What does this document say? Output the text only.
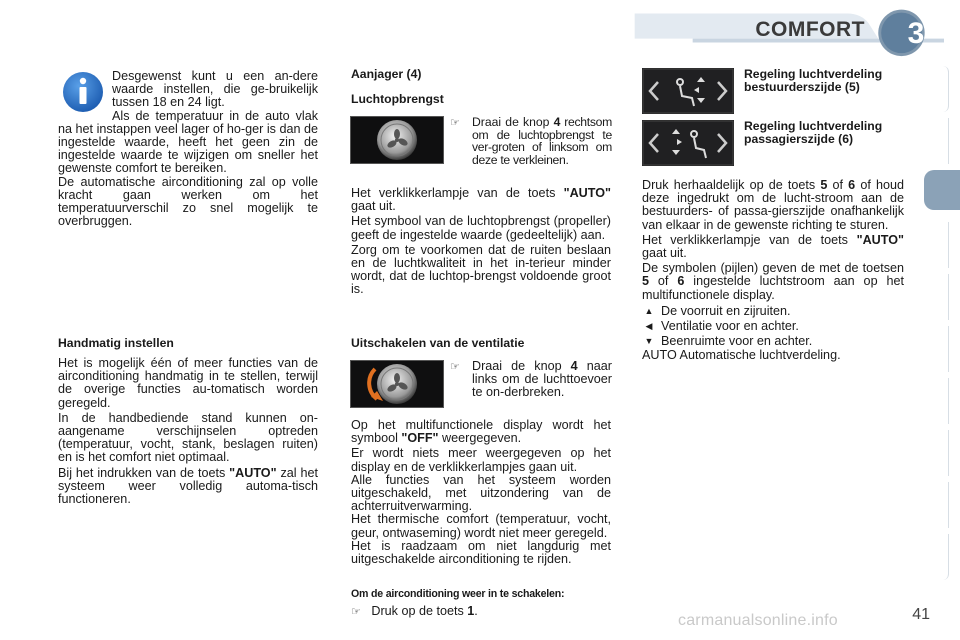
COMFORT	3

Desgewenst kunt u een an-dere waarde instellen, die ge-bruikelijk tussen 18 en 24 ligt.

Als de temperatuur in de auto vlak na het instappen veel lager of ho-ger is dan de ingestelde waarde, heeft het geen zin de ingestelde waarde te wijzigen om sneller het gewenste comfort te bereiken.

De automatische airconditioning zal op volle kracht gaan werken om het temperatuurverschil zo snel mogelijk te overbruggen.

Handmatig instellen

Het is mogelijk één of meer functies van de airconditioning handmatig in te stellen, terwijl de overige functies au-tomatisch worden geregeld.

In de handbediende stand kunnen on-aangename verschijnselen optreden (temperatuur, vocht, stank, beslagen ruiten) en is het comfort niet optimaal.

Bij het indrukken van de toets "AUTO" zal het systeem weer volledig automa-tisch functioneren.

Aanjager (4)

Luchtopbrengst

☞ Draai de knop 4 rechtsom om de luchtopbrengst te ver-groten of linksom om deze te verkleinen.

Het verklikkerlampje van de toets "AUTO" gaat uit.

Het symbool van de luchtopbrengst (propeller) geeft de ingestelde waarde (gedeeltelijk) aan.

Zorg om te voorkomen dat de ruiten beslaan en de luchtkwaliteit in het in-terieur minder wordt, dat de luchtop-brengst voldoende groot is.

Uitschakelen van de ventilatie

☞ Draai de knop 4 naar links om de luchttoevoer te on-derbreken.

Op het multifunctionele display wordt het symbool "OFF" weergegeven.

Er wordt niets meer weergegeven op het display en de verklikkerlampjes gaan uit.

Alle functies van het systeem worden uitgeschakeld, met uitzondering van de achterruitverwarming.

Het thermische comfort (temperatuur, vocht, geur, ontwaseming) wordt niet meer geregeld.

Het is raadzaam om niet langdurig met uitgeschakelde airconditioning te rijden.

Om de airconditioning weer in te schakelen:

☞ Druk op de toets 1.

Regeling luchtverdeling bestuurderszijde (5)

Regeling luchtverdeling passagierszijde (6)

Druk herhaaldelijk op de toets 5 of 6 of houd deze ingedrukt om de lucht-stroom aan de bestuurders- of passa-gierszijde onafhankelijk van elkaar in de gewenste richting te sturen.

Het verklikkerlampje van de toets "AUTO" gaat uit.

De symbolen (pijlen) geven de met de toetsen 5 of 6 ingestelde luchtstroom aan op het multifunctionele display.

▲ De voorruit en zijruiten.
◀ Ventilatie voor en achter.
▼ Beenruimte voor en achter.

AUTO Automatische luchtverdeling.

carmanualsonline.info	41
